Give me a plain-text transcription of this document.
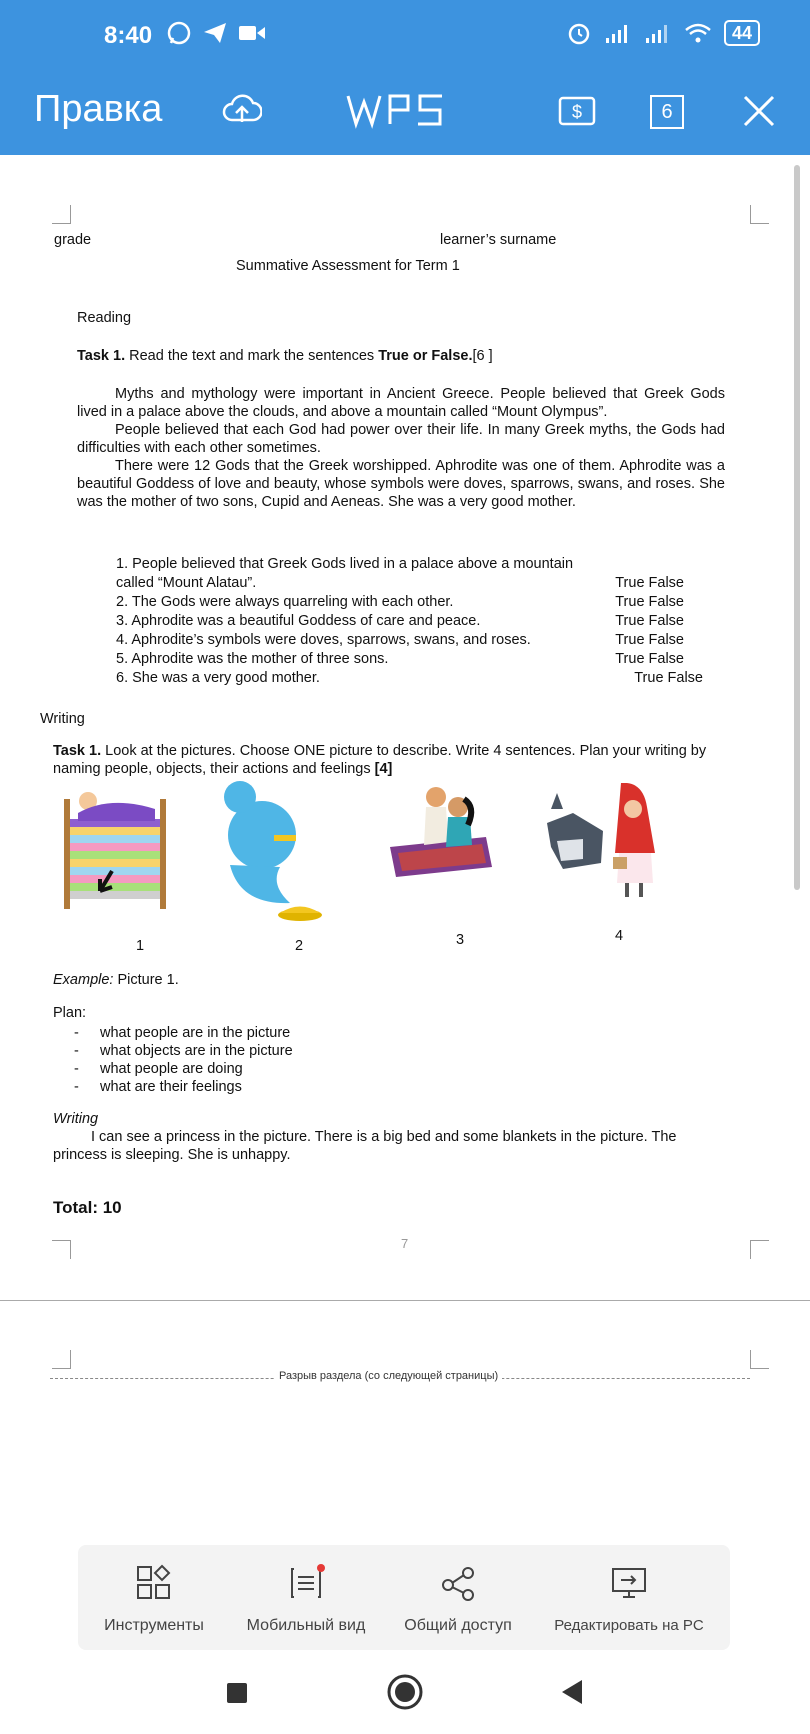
8:40	44
Правка	$	6
grade	learner’s surname
Summative Assessment for Term 1
Reading
Task 1. Read the text and mark the sentences True or False.[6 ]
Myths and mythology were important in Ancient Greece. People believed that Greek Gods lived in a palace above the clouds, and above a mountain called “Mount Olympus”.
People believed that each God had power over their life. In many Greek myths, the Gods had difficulties with each other sometimes.
There were 12 Gods that the Greek worshipped. Aphrodite was one of them. Aphrodite was a beautiful Goddess of love and beauty, whose symbols were doves, sparrows, swans, and roses. She was the mother of two sons, Cupid and Aeneas. She was a very good mother.
1. People believed that Greek Gods lived in a palace above a mountain
called “Mount Alatau”.	True False
2. The Gods were always quarreling with each other.	True False
3. Aphrodite was a beautiful Goddess of care and peace.	True False
4. Aphrodite’s symbols were doves, sparrows, swans, and roses.	True False
5. Aphrodite was the mother of three sons.	True False
6. She was a very good mother.	True False
Writing
Task 1. Look at the pictures. Choose ONE picture to describe. Write 4 sentences. Plan your writing by naming people, objects, their actions and feelings [4]
1	2	3	4
Example: Picture 1.
Plan:
- what people are in the picture
- what objects are in the picture
- what people are doing
- what are their feelings
Writing
I can see a princess in the picture. There is a big bed and some blankets in the picture. The princess is sleeping. She is unhappy.
Total: 10
7
Разрыв раздела (со следующей страницы)
Инструменты	Мобильный вид	Общий доступ	Редактировать на PC
